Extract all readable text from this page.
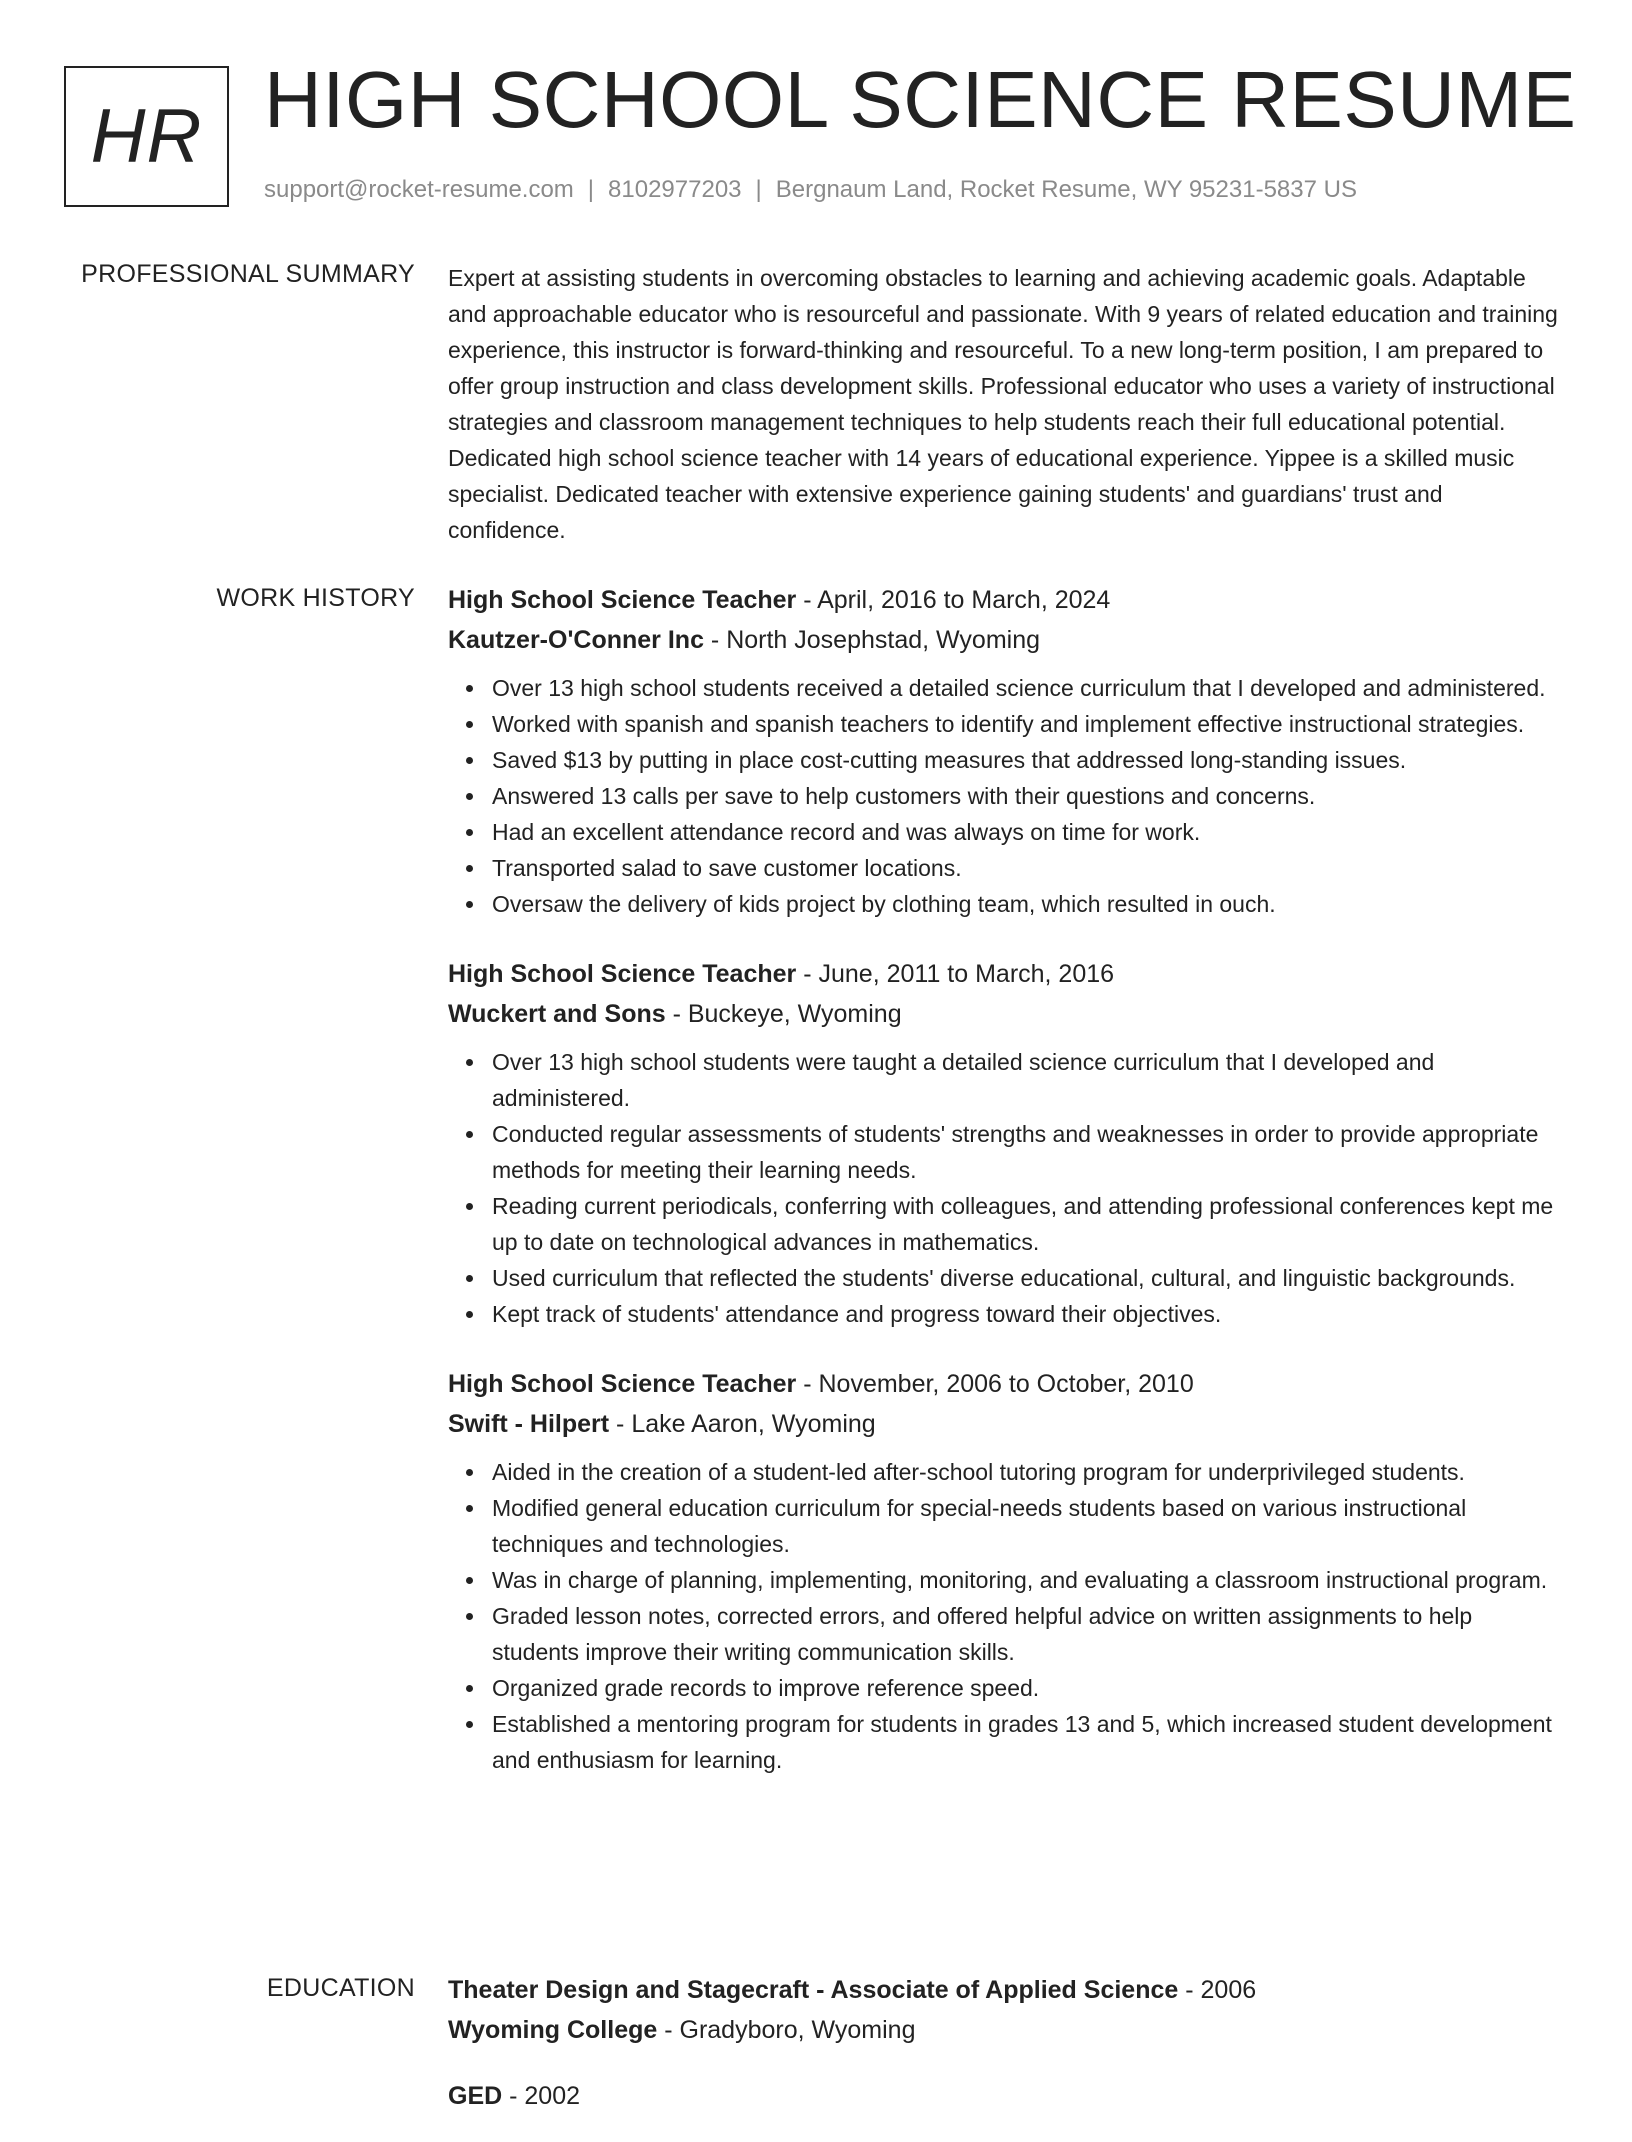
HR HIGH SCHOOL SCIENCE RESUME
support@rocket-resume.com | 8102977203 | Bergnaum Land, Rocket Resume, WY 95231-5837 US
PROFESSIONAL SUMMARY Expert at assisting students in overcoming obstacles to learning and achieving academic goals. Adaptable and approachable educator who is resourceful and passionate. With 9 years of related education and training experience, this instructor is forward-thinking and resourceful. To a new long-term position, I am prepared to offer group instruction and class development skills. Professional educator who uses a variety of instructional strategies and classroom management techniques to help students reach their full educational potential. Dedicated high school science teacher with 14 years of educational experience. Yippee is a skilled music specialist. Dedicated teacher with extensive experience gaining students' and guardians' trust and confidence.

WORK HISTORY High School Science Teacher - April, 2016 to March, 2024
Kautzer-O'Conner Inc - North Josephstad, Wyoming
Over 13 high school students received a detailed science curriculum that I developed and administered.
Worked with spanish and spanish teachers to identify and implement effective instructional strategies.
Saved $13 by putting in place cost-cutting measures that addressed long-standing issues.
Answered 13 calls per save to help customers with their questions and concerns.
Had an excellent attendance record and was always on time for work.
Transported salad to save customer locations.
Oversaw the delivery of kids project by clothing team, which resulted in ouch.
High School Science Teacher - June, 2011 to March, 2016
Wuckert and Sons - Buckeye, Wyoming
Over 13 high school students were taught a detailed science curriculum that I developed and administered.
Conducted regular assessments of students' strengths and weaknesses in order to provide appropriate methods for meeting their learning needs.
Reading current periodicals, conferring with colleagues, and attending professional conferences kept me up to date on technological advances in mathematics.
Used curriculum that reflected the students' diverse educational, cultural, and linguistic backgrounds.
Kept track of students' attendance and progress toward their objectives.
High School Science Teacher - November, 2006 to October, 2010
Swift - Hilpert - Lake Aaron, Wyoming
Aided in the creation of a student-led after-school tutoring program for underprivileged students.
Modified general education curriculum for special-needs students based on various instructional techniques and technologies.
Was in charge of planning, implementing, monitoring, and evaluating a classroom instructional program.
Graded lesson notes, corrected errors, and offered helpful advice on written assignments to help students improve their writing communication skills.
Organized grade records to improve reference speed.
Established a mentoring program for students in grades 13 and 5, which increased student development and enthusiasm for learning.
EDUCATION Theater Design and Stagecraft - Associate of Applied Science - 2006
Wyoming College - Gradyboro, Wyoming
GED - 2002
